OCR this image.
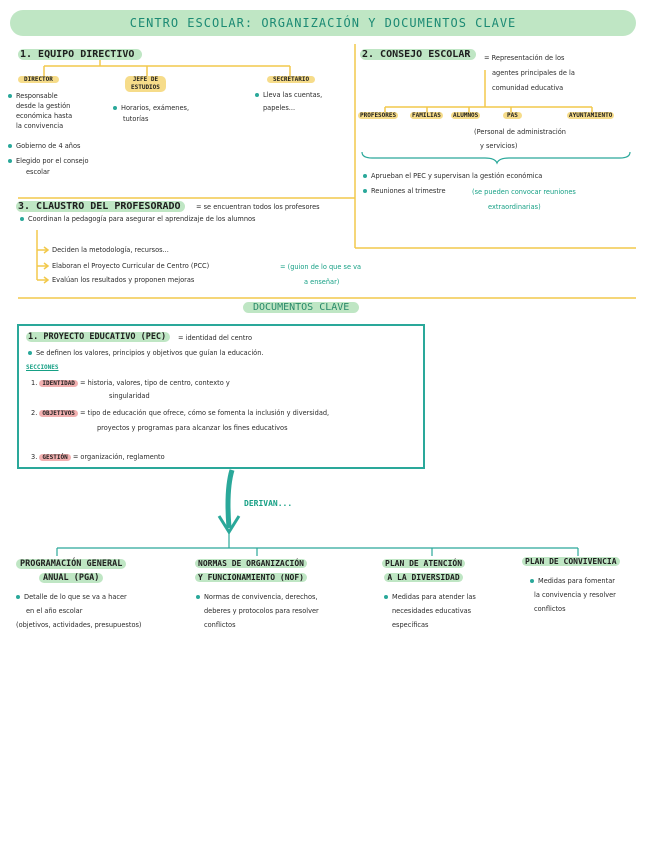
CENTRO ESCOLAR: ORGANIZACIÓN Y DOCUMENTOS CLAVE
1. EQUIPO DIRECTIVO
DIRECTOR
Responsable
desde la gestión
económica hasta
la convivencia
Gobierno de 4 años
Elegido por el consejo
escolar
JEFE DE
ESTUDIOS
Horarios, exámenes,
tutorías
SECRETARIO
Lleva las cuentas,
papeles...
2. CONSEJO ESCOLAR	= Representación de los
agentes principales de la
comunidad educativa
PROFESORES	FAMILIAS	ALUMNOS	PAS	AYUNTAMIENTO
(Personal de administración
y servicios)
Aprueban el PEC y supervisan la gestión económica
Reuniones al trimestre	(se pueden convocar reuniones
extraordinarias)
3. CLAUSTRO DEL PROFESORADO	= se encuentran todos los profesores
Coordinan la pedagogía para asegurar el aprendizaje de los alumnos
Deciden la metodología, recursos...
Elaboran el Proyecto Curricular de Centro (PCC)	= (guion de lo que se va
a enseñar)
Evalúan los resultados y proponen mejoras
DOCUMENTOS CLAVE
1. PROYECTO EDUCATIVO (PEC)	= identidad del centro
Se definen los valores, principios y objetivos que guían la educación.
SECCIONES
1. IDENTIDAD = historia, valores, tipo de centro, contexto y
singularidad
2. OBJETIVOS = tipo de educación que ofrece, cómo se fomenta la inclusión y diversidad,
proyectos y programas para alcanzar los fines educativos
3. GESTIÓN = organización, reglamento
DERIVAN...
PROGRAMACIÓN GENERAL
ANUAL (PGA)
Detalle de lo que se va a hacer
en el año escolar
(objetivos, actividades, presupuestos)
NORMAS DE ORGANIZACIÓN
Y FUNCIONAMIENTO (NOF)
Normas de convivencia, derechos,
deberes y protocolos para resolver
conflictos
PLAN DE ATENCIÓN
A LA DIVERSIDAD
Medidas para atender las
necesidades educativas
específicas
PLAN DE CONVIVENCIA
Medidas para fomentar
la convivencia y resolver
conflictos
